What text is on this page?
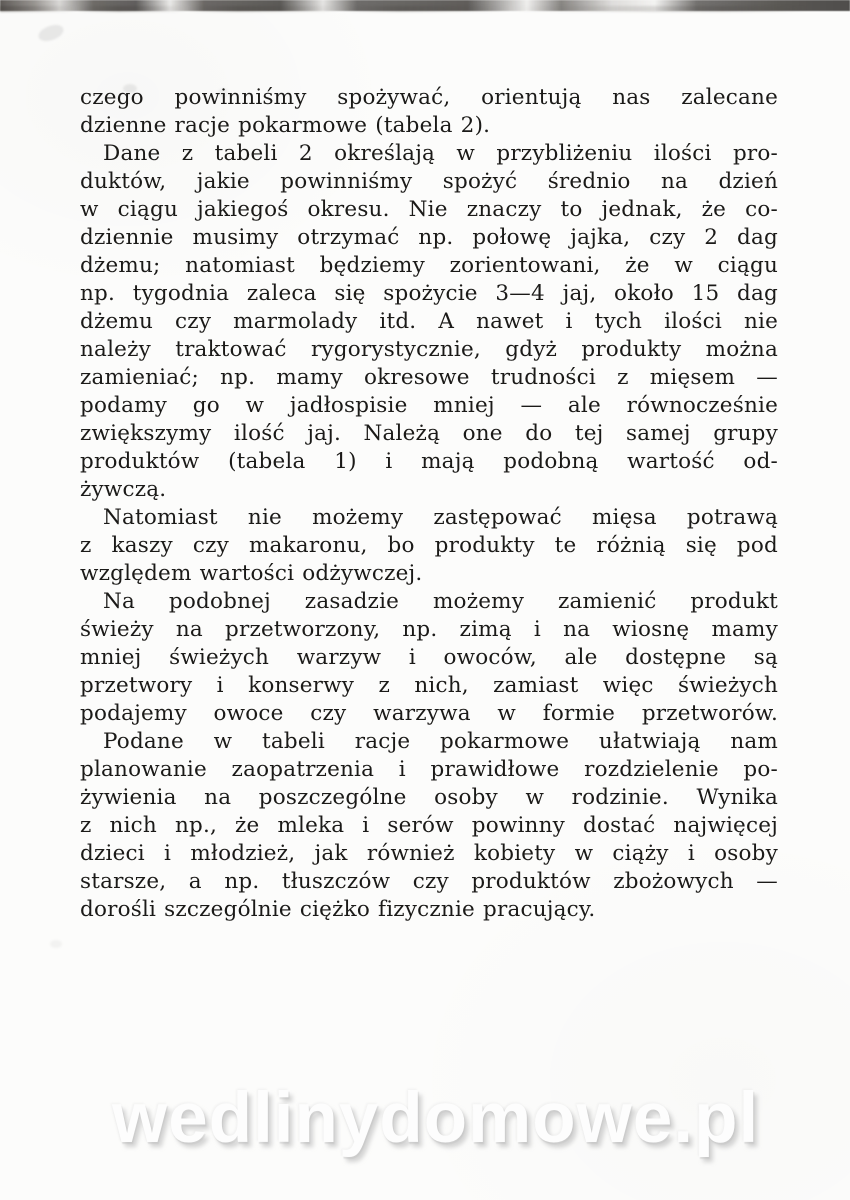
czego powinniśmy spożywać, orientują nas zalecane
dzienne racje pokarmowe (tabela 2).
Dane z tabeli 2 określają w przybliżeniu ilości pro-
duktów, jakie powinniśmy spożyć średnio na dzień
w ciągu jakiegoś okresu. Nie znaczy to jednak, że co-
dziennie musimy otrzymać np. połowę jajka, czy 2 dag
dżemu; natomiast będziemy zorientowani, że w ciągu
np. tygodnia zaleca się spożycie 3—4 jaj, około 15 dag
dżemu czy marmolady itd. A nawet i tych ilości nie
należy traktować rygorystycznie, gdyż produkty można
zamieniać; np. mamy okresowe trudności z mięsem —
podamy go w jadłospisie mniej — ale równocześnie
zwiększymy ilość jaj. Należą one do tej samej grupy
produktów (tabela 1) i mają podobną wartość od-
żywczą.
Natomiast nie możemy zastępować mięsa potrawą
z kaszy czy makaronu, bo produkty te różnią się pod
względem wartości odżywczej.
Na podobnej zasadzie możemy zamienić produkt
świeży na przetworzony, np. zimą i na wiosnę mamy
mniej świeżych warzyw i owoców, ale dostępne są
przetwory i konserwy z nich, zamiast więc świeżych
podajemy owoce czy warzywa w formie przetworów.
Podane w tabeli racje pokarmowe ułatwiają nam
planowanie zaopatrzenia i prawidłowe rozdzielenie po-
żywienia na poszczególne osoby w rodzinie. Wynika
z nich np., że mleka i serów powinny dostać najwięcej
dzieci i młodzież, jak również kobiety w ciąży i osoby
starsze, a np. tłuszczów czy produktów zbożowych —
dorośli szczególnie ciężko fizycznie pracujący.
wedlinydomowe.pl
